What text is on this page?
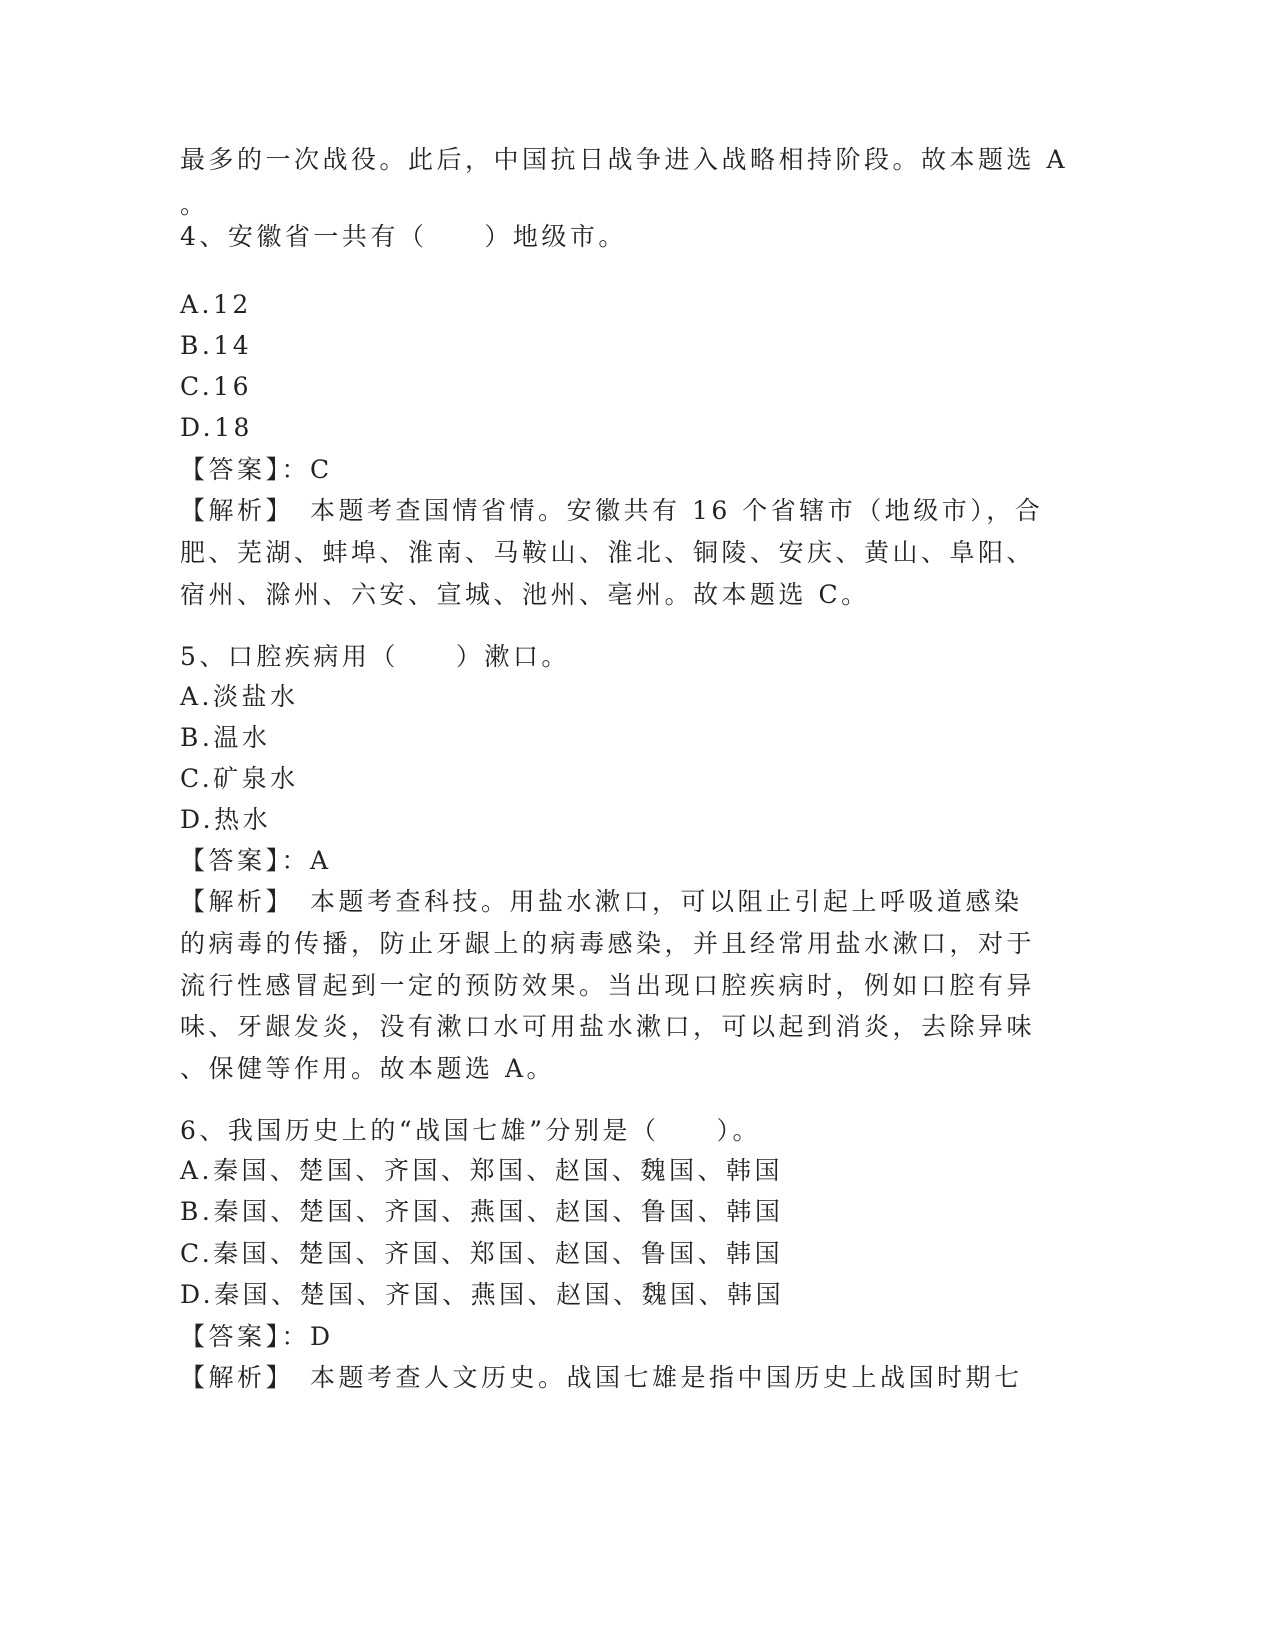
最多的一次战役。此后，中国抗日战争进入战略相持阶段。故本题选 A
。
4、安徽省一共有（　　）地级市。
A.12
B.14
C.16
D.18
【答案】：C
【解析】　本题考查国情省情。安徽共有 16 个省辖市（地级市），合
肥、芜湖、蚌埠、淮南、马鞍山、淮北、铜陵、安庆、黄山、阜阳、
宿州、滁州、六安、宣城、池州、亳州。故本题选 C。
5、口腔疾病用（　　）漱口。
A.淡盐水
B.温水
C.矿泉水
D.热水
【答案】：A
【解析】　本题考查科技。用盐水漱口，可以阻止引起上呼吸道感染
的病毒的传播，防止牙龈上的病毒感染，并且经常用盐水漱口，对于
流行性感冒起到一定的预防效果。当出现口腔疾病时，例如口腔有异
味、牙龈发炎，没有漱口水可用盐水漱口，可以起到消炎，去除异味
、保健等作用。故本题选 A。
6、我国历史上的“战国七雄”分别是（　　）。
A.秦国、楚国、齐国、郑国、赵国、魏国、韩国
B.秦国、楚国、齐国、燕国、赵国、鲁国、韩国
C.秦国、楚国、齐国、郑国、赵国、鲁国、韩国
D.秦国、楚国、齐国、燕国、赵国、魏国、韩国
【答案】：D
【解析】　本题考查人文历史。战国七雄是指中国历史上战国时期七
